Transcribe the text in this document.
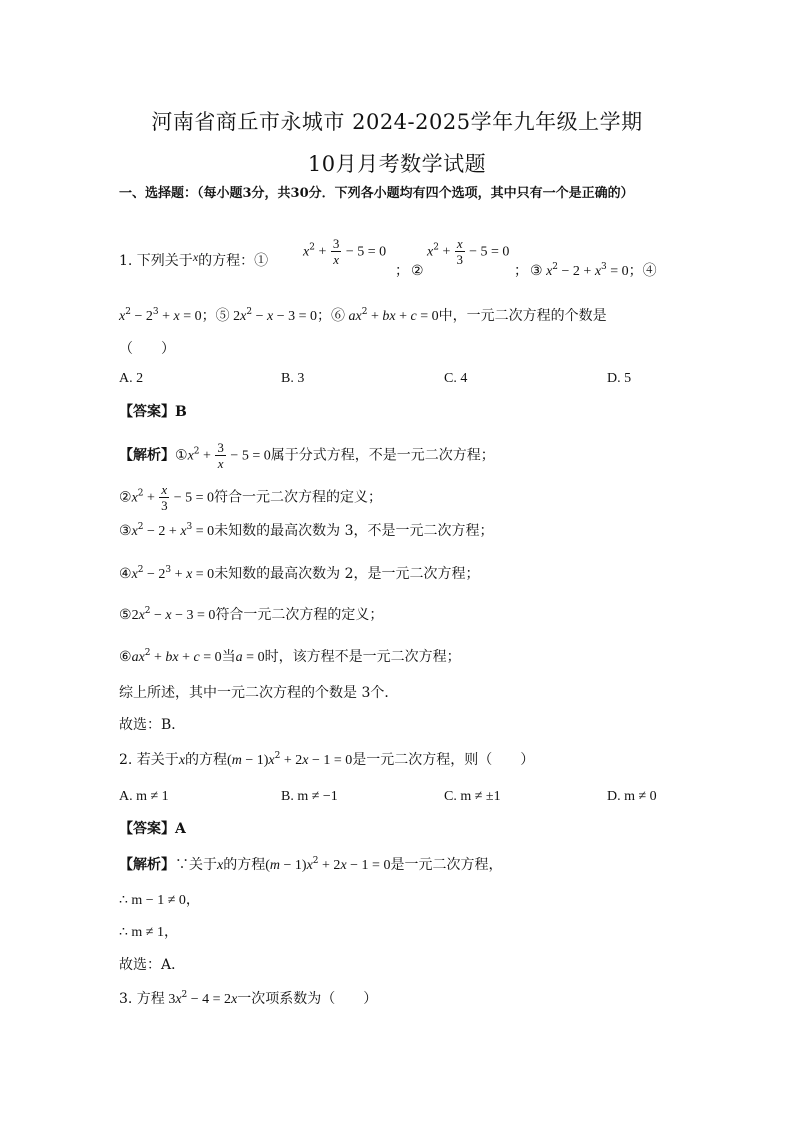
河南省商丘市永城市 2024-2025学年九年级上学期
10月月考数学试题
一、选择题：（每小题3分，共30分．下列各小题均有四个选项，其中只有一个是正确的）
1. 下列关于x的方程：①
$x^2 + \frac{3}{x} - 5 = 0$
； ②
$x^2 + \frac{x}{3} - 5 = 0$
； ③ $x^2 - 2 + x^3 = 0$；④
$x^2 - 2^3 + x = 0$；⑤ $2x^2 - x - 3 = 0$；⑥ $ax^2$ + bx + c = 0中，一元二次方程的个数是
（　　）
A. 2	B. 3	C. 4	D. 5
【答案】B
【解析】$①x^2 + \frac{3}{x} - 5 = 0$属于分式方程，不是一元二次方程；
$②x^2 + \frac{x}{3} - 5 = 0$符合一元二次方程的定义；
$③x^2 - 2 + x^3 = 0$未知数的最高次数为 3，不是一元二次方程；
$④x^2 - 2^3 + x = 0$未知数的最高次数为 2，是一元二次方程；
$⑤2x^2 - x - 3 = 0$符合一元二次方程的定义；
$⑥ax^2$ + bx + c = 0当a = 0时，该方程不是一元二次方程；
综上所述，其中一元二次方程的个数是 3个．
故选：B．
2. 若关于x的方程$(m - 1)x^2 + 2x - 1 = 0$是一元二次方程，则（　　）
A. m ≠ 1	B. m ≠ −1	C. m ≠ ±1	D. m ≠ 0
【答案】A
【解析】∵关于x的方程$(m - 1)x^2 + 2x - 1 = 0$是一元二次方程，
∴ m − 1 ≠ 0，
∴ m ≠ 1，
故选：A．
3. 方程 $3x^2 - 4 = 2x$一次项系数为（　　）
